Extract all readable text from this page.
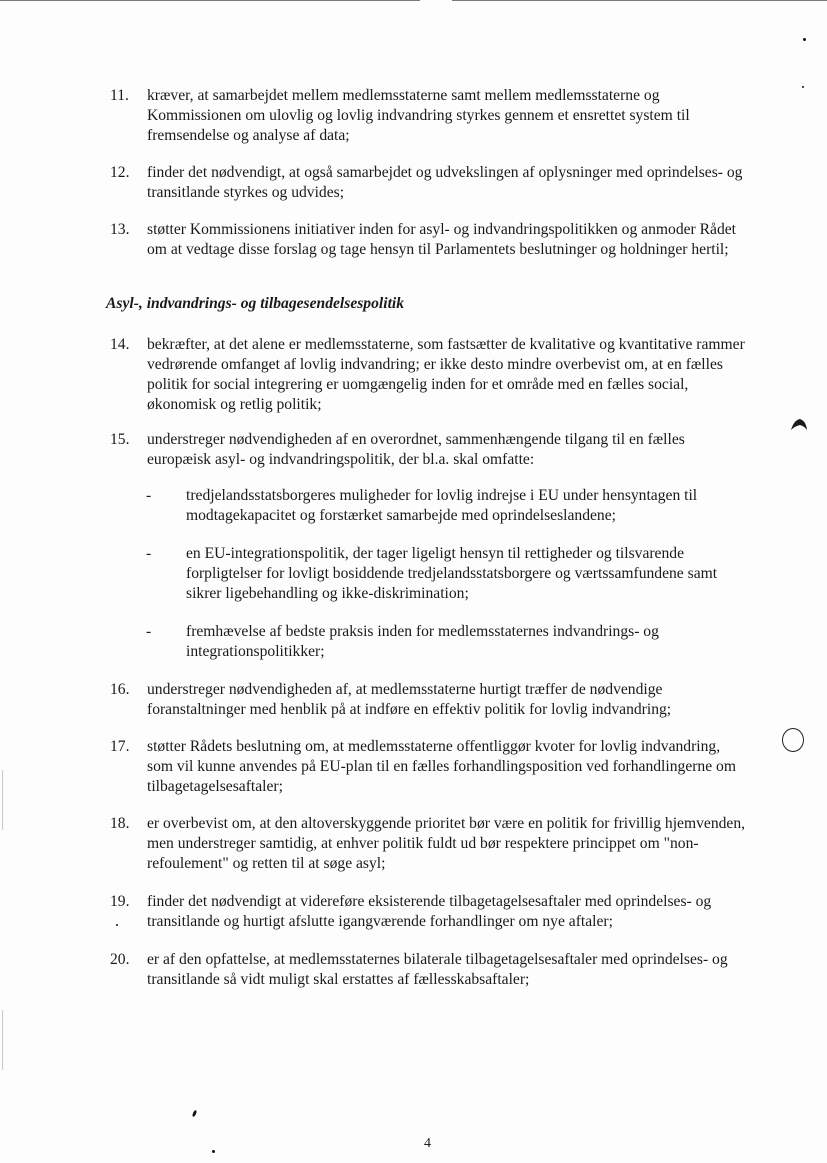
11.	kræver, at samarbejdet mellem medlemsstaterne samt mellem medlemsstaterne og Kommissionen om ulovlig og lovlig indvandring styrkes gennem et ensrettet system til fremsendelse og analyse af data;
12.	finder det nødvendigt, at også samarbejdet og udvekslingen af oplysninger med oprindelses- og transitlande styrkes og udvides;
13.	støtter Kommissionens initiativer inden for asyl- og indvandringspolitikken og anmoder Rådet om at vedtage disse forslag og tage hensyn til Parlamentets beslutninger og holdninger hertil;
Asyl-, indvandrings- og tilbagesendelsespolitik
14.	bekræfter, at det alene er medlemsstaterne, som fastsætter de kvalitative og kvantitative rammer vedrørende omfanget af lovlig indvandring; er ikke desto mindre overbevist om, at en fælles politik for social integrering er uomgængelig inden for et område med en fælles social, økonomisk og retlig politik;
15.	understreger nødvendigheden af en overordnet, sammenhængende tilgang til en fælles europæisk asyl- og indvandringspolitik, der bl.a. skal omfatte:
- tredjelandsstatsborgeres muligheder for lovlig indrejse i EU under hensyntagen til modtagekapacitet og forstærket samarbejde med oprindelseslandene;
- en EU-integrationspolitik, der tager ligeligt hensyn til rettigheder og tilsvarende forpligtelser for lovligt bosiddende tredjelandsstatsborgere og værtssamfundene samt sikrer ligebehandling og ikke-diskrimination;
- fremhævelse af bedste praksis inden for medlemsstaternes indvandrings- og integrationspolitikker;
16.	understreger nødvendigheden af, at medlemsstaterne hurtigt træffer de nødvendige foranstaltninger med henblik på at indføre en effektiv politik for lovlig indvandring;
17.	støtter Rådets beslutning om, at medlemsstaterne offentliggør kvoter for lovlig indvandring, som vil kunne anvendes på EU-plan til en fælles forhandlingsposition ved forhandlingerne om tilbagetagelsesaftaler;
18.	er overbevist om, at den altoverskyggende prioritet bør være en politik for frivillig hjemvenden, men understreger samtidig, at enhver politik fuldt ud bør respektere princippet om "non-refoulement" og retten til at søge asyl;
19.	finder det nødvendigt at videreføre eksisterende tilbagetagelsesaftaler med oprindelses- og transitlande og hurtigt afslutte igangværende forhandlinger om nye aftaler;
20.	er af den opfattelse, at medlemsstaternes bilaterale tilbagetagelsesaftaler med oprindelses- og transitlande så vidt muligt skal erstattes af fællesskabsaftaler;
4
